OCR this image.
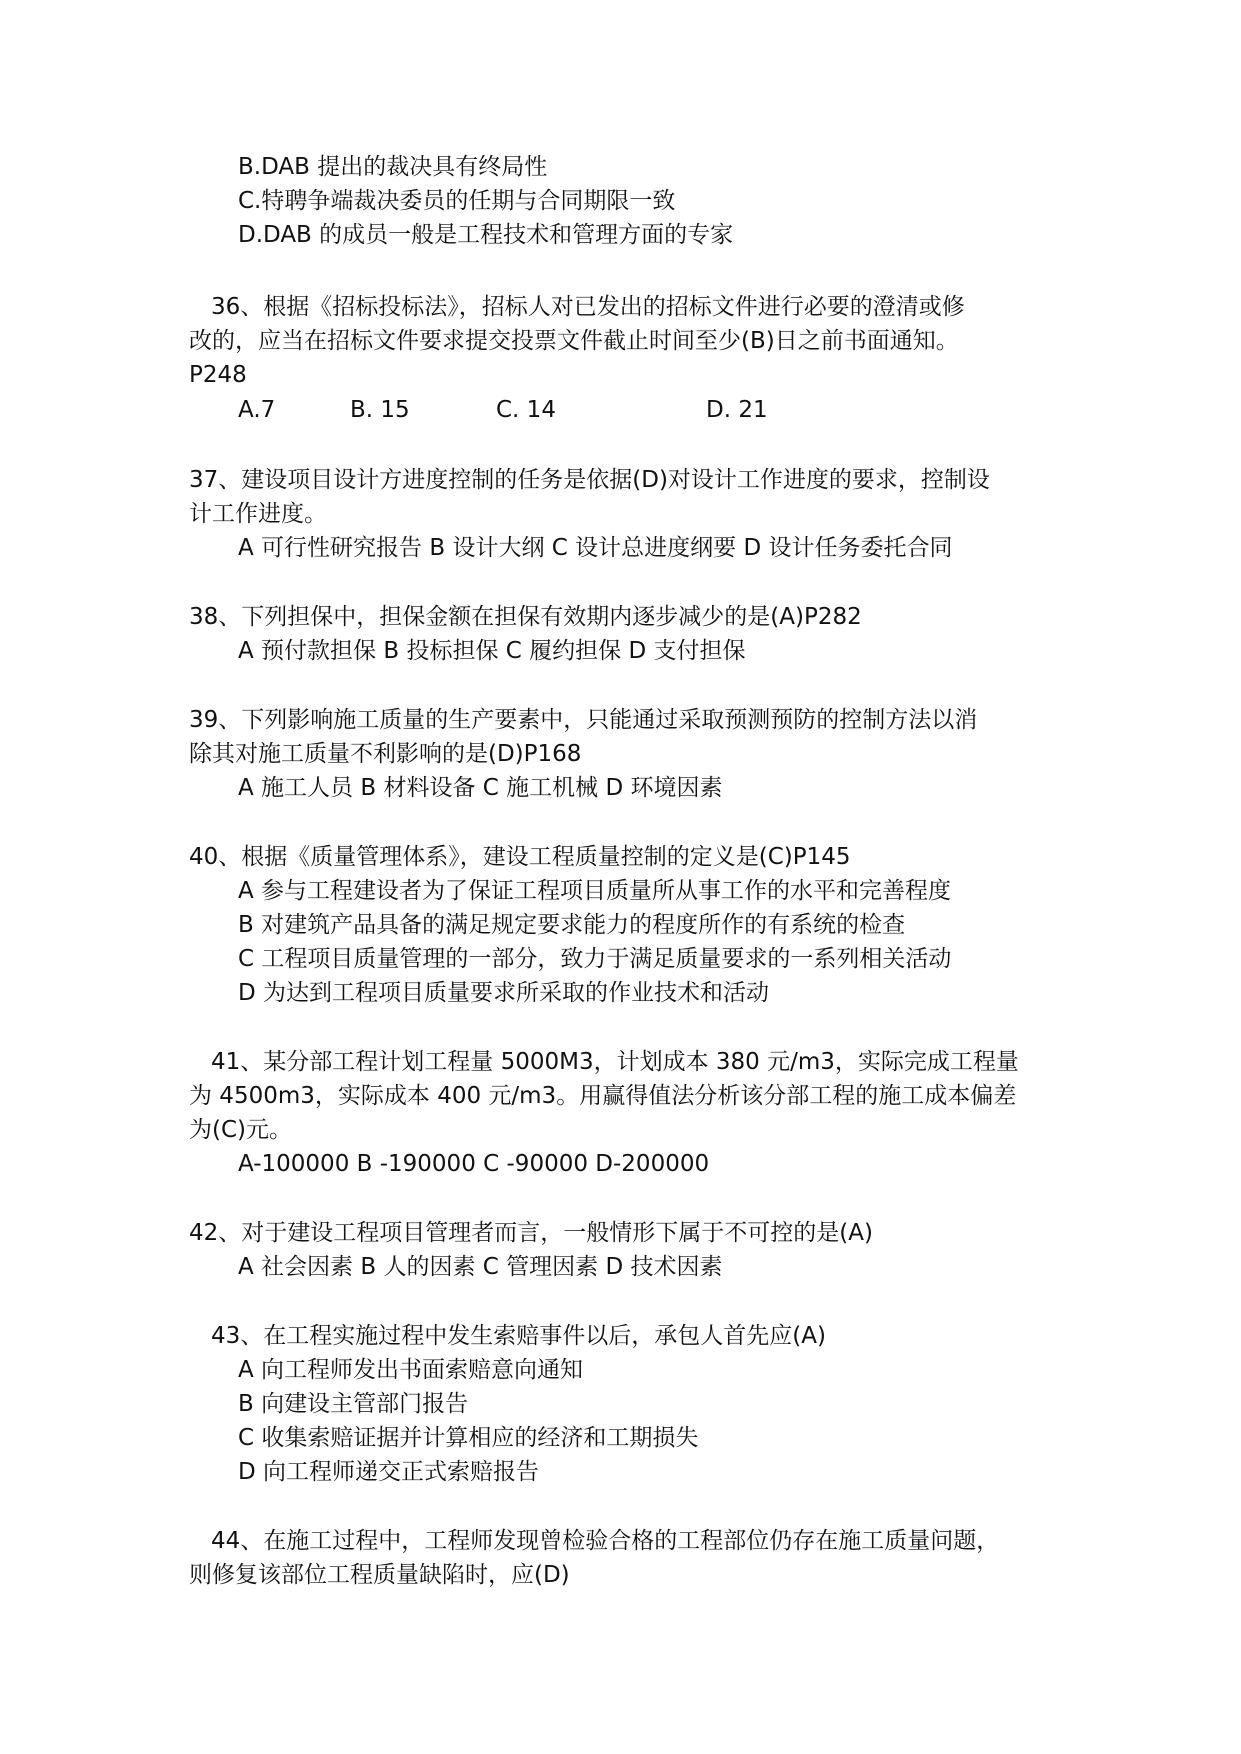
B.DAB 提出的裁决具有终局性
C.特聘争端裁决委员的任期与合同期限一致
D.DAB 的成员一般是工程技术和管理方面的专家
36、根据《招标投标法》，招标人对已发出的招标文件进行必要的澄清或修
改的，应当在招标文件要求提交投票文件截止时间至少(B)日之前书面通知。
P248
A.7	B. 15	C. 14	D. 21
37、建设项目设计方进度控制的任务是依据(D)对设计工作进度的要求，控制设
计工作进度。
A 可行性研究报告 B 设计大纲 C 设计总进度纲要 D 设计任务委托合同
38、下列担保中，担保金额在担保有效期内逐步减少的是(A)P282
A 预付款担保 B 投标担保 C 履约担保 D 支付担保
39、下列影响施工质量的生产要素中，只能通过采取预测预防的控制方法以消
除其对施工质量不利影响的是(D)P168
A 施工人员 B 材料设备 C 施工机械 D 环境因素
40、根据《质量管理体系》，建设工程质量控制的定义是(C)P145
A 参与工程建设者为了保证工程项目质量所从事工作的水平和完善程度
B 对建筑产品具备的满足规定要求能力的程度所作的有系统的检查
C 工程项目质量管理的一部分，致力于满足质量要求的一系列相关活动
D 为达到工程项目质量要求所采取的作业技术和活动
41、某分部工程计划工程量 5000M3，计划成本 380 元/m3，实际完成工程量
为 4500m3，实际成本 400 元/m3。用赢得值法分析该分部工程的施工成本偏差
为(C)元。
A-100000 B -190000 C -90000 D-200000
42、对于建设工程项目管理者而言，一般情形下属于不可控的是(A)
A 社会因素 B 人的因素 C 管理因素 D 技术因素
43、在工程实施过程中发生索赔事件以后，承包人首先应(A)
A 向工程师发出书面索赔意向通知
B 向建设主管部门报告
C 收集索赔证据并计算相应的经济和工期损失
D 向工程师递交正式索赔报告
44、在施工过程中，工程师发现曾检验合格的工程部位仍存在施工质量问题，
则修复该部位工程质量缺陷时，应(D)
